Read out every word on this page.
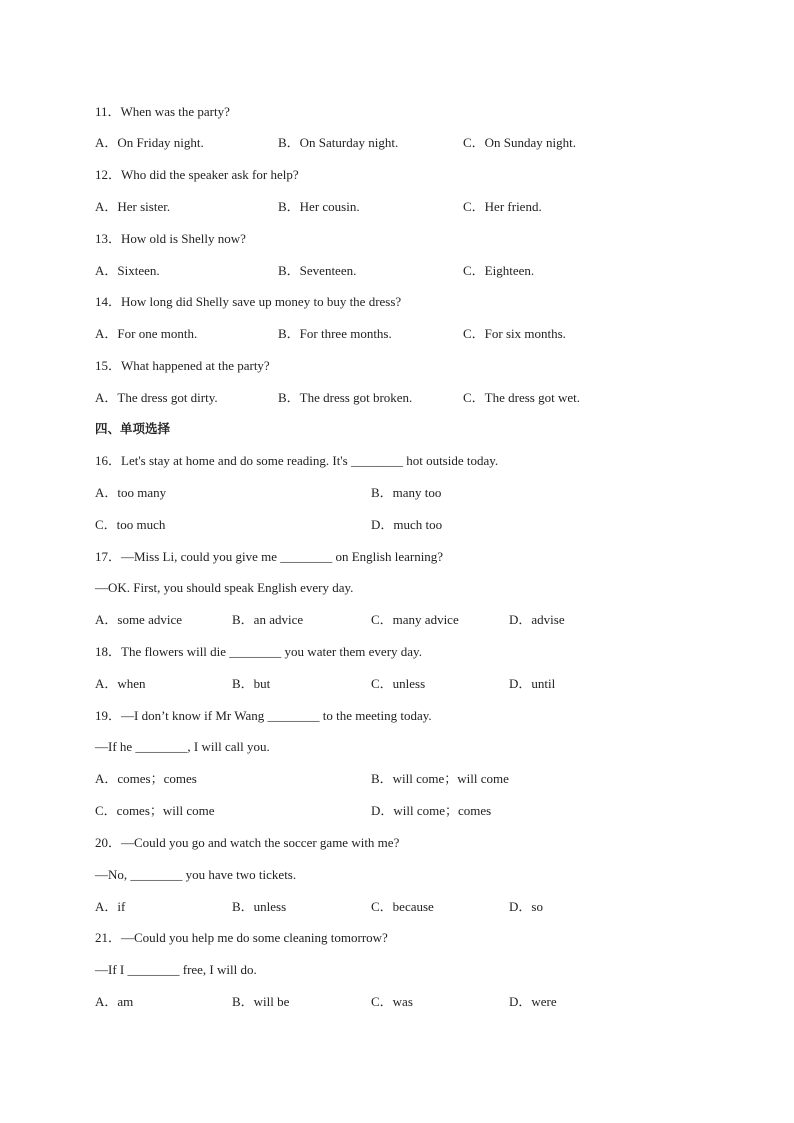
11．When was the party?
A．On Friday night.	B．On Saturday night.	C．On Sunday night.
12．Who did the speaker ask for help?
A．Her sister.	B．Her cousin.	C．Her friend.
13．How old is Shelly now?
A．Sixteen.	B．Seventeen.	C．Eighteen.
14．How long did Shelly save up money to buy the dress?
A．For one month.	B．For three months.	C．For six months.
15．What happened at the party?
A．The dress got dirty.	B．The dress got broken.	C．The dress got wet.
四、单项选择
16．Let's stay at home and do some reading. It's ________ hot outside today.
A．too many	B．many too
C．too much	D．much too
17．—Miss Li, could you give me ________ on English learning?
—OK. First, you should speak English every day.
A．some advice	B．an advice	C．many advice	D．advise
18．The flowers will die ________ you water them every day.
A．when	B．but	C．unless	D．until
19．—I don’t know if Mr Wang ________ to the meeting today.
—If he ________, I will call you.
A．comes；comes	B．will come；will come
C．comes；will come	D．will come；comes
20．—Could you go and watch the soccer game with me?
—No, ________ you have two tickets.
A．if	B．unless	C．because	D．so
21．—Could you help me do some cleaning tomorrow?
—If I ________ free, I will do.
A．am	B．will be	C．was	D．were
